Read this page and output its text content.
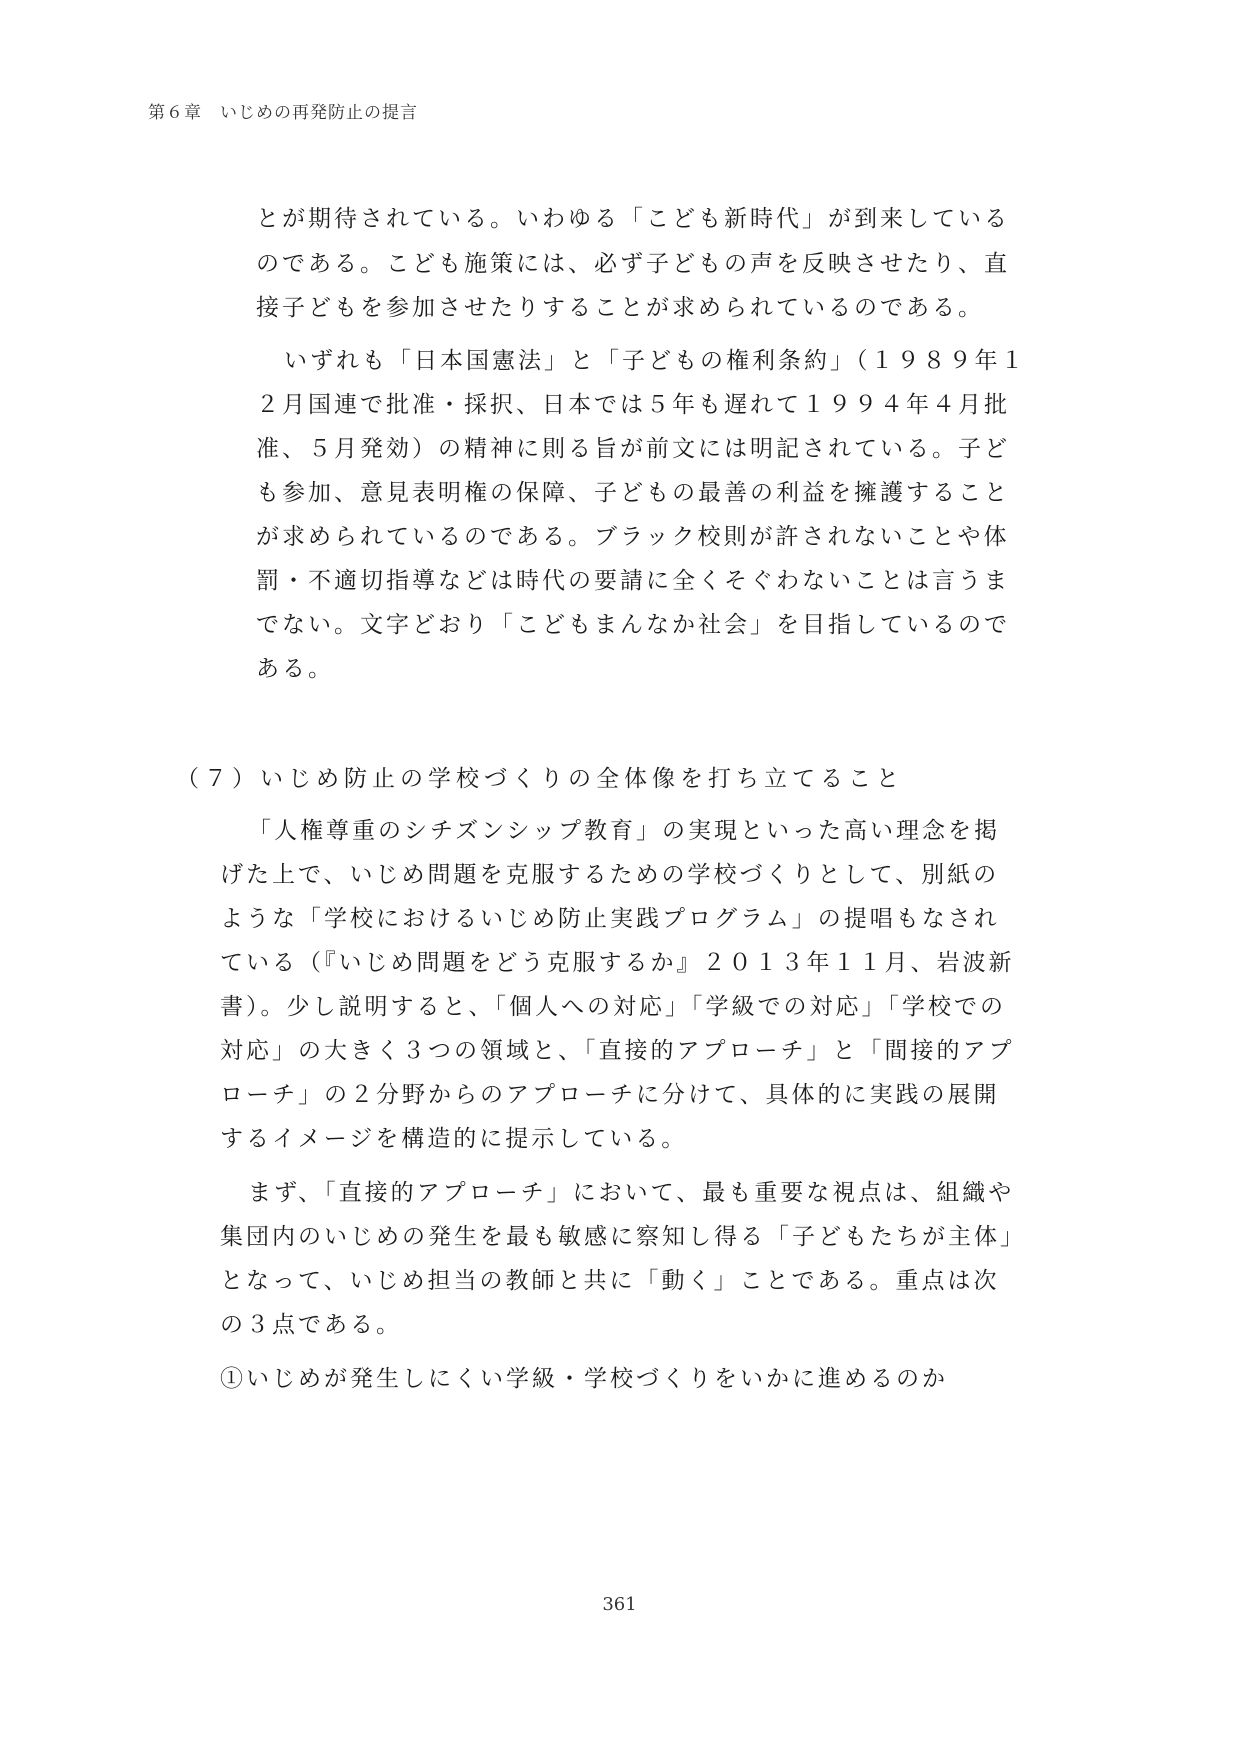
第６章　いじめの再発防止の提言
とが期待されている。いわゆる「こども新時代」が到来している
のである。こども施策には、必ず子どもの声を反映させたり、直
接子どもを参加させたりすることが求められているのである。
いずれも「日本国憲法」と「子どもの権利条約」（１９８９年１
２月国連で批准・採択、日本では５年も遅れて１９９４年４月批
准、５月発効）の精神に則る旨が前文には明記されている。子ど
も参加、意見表明権の保障、子どもの最善の利益を擁護すること
が求められているのである。ブラック校則が許されないことや体
罰・不適切指導などは時代の要請に全くそぐわないことは言うま
でない。文字どおり「こどもまんなか社会」を目指しているので
ある。
（７）いじめ防止の学校づくりの全体像を打ち立てること
「人権尊重のシチズンシップ教育」の実現といった高い理念を掲
げた上で、いじめ問題を克服するための学校づくりとして、別紙の
ような「学校におけるいじめ防止実践プログラム」の提唱もなされ
ている（『いじめ問題をどう克服するか』２０１３年１１月、岩波新
書）。少し説明すると、「個人への対応」「学級での対応」「学校での
対応」の大きく３つの領域と、「直接的アプローチ」と「間接的アプ
ローチ」の２分野からのアプローチに分けて、具体的に実践の展開
するイメージを構造的に提示している。
まず、「直接的アプローチ」において、最も重要な視点は、組織や
集団内のいじめの発生を最も敏感に察知し得る「子どもたちが主体」
となって、いじめ担当の教師と共に「動く」ことである。重点は次
の３点である。
①いじめが発生しにくい学級・学校づくりをいかに進めるのか
361
